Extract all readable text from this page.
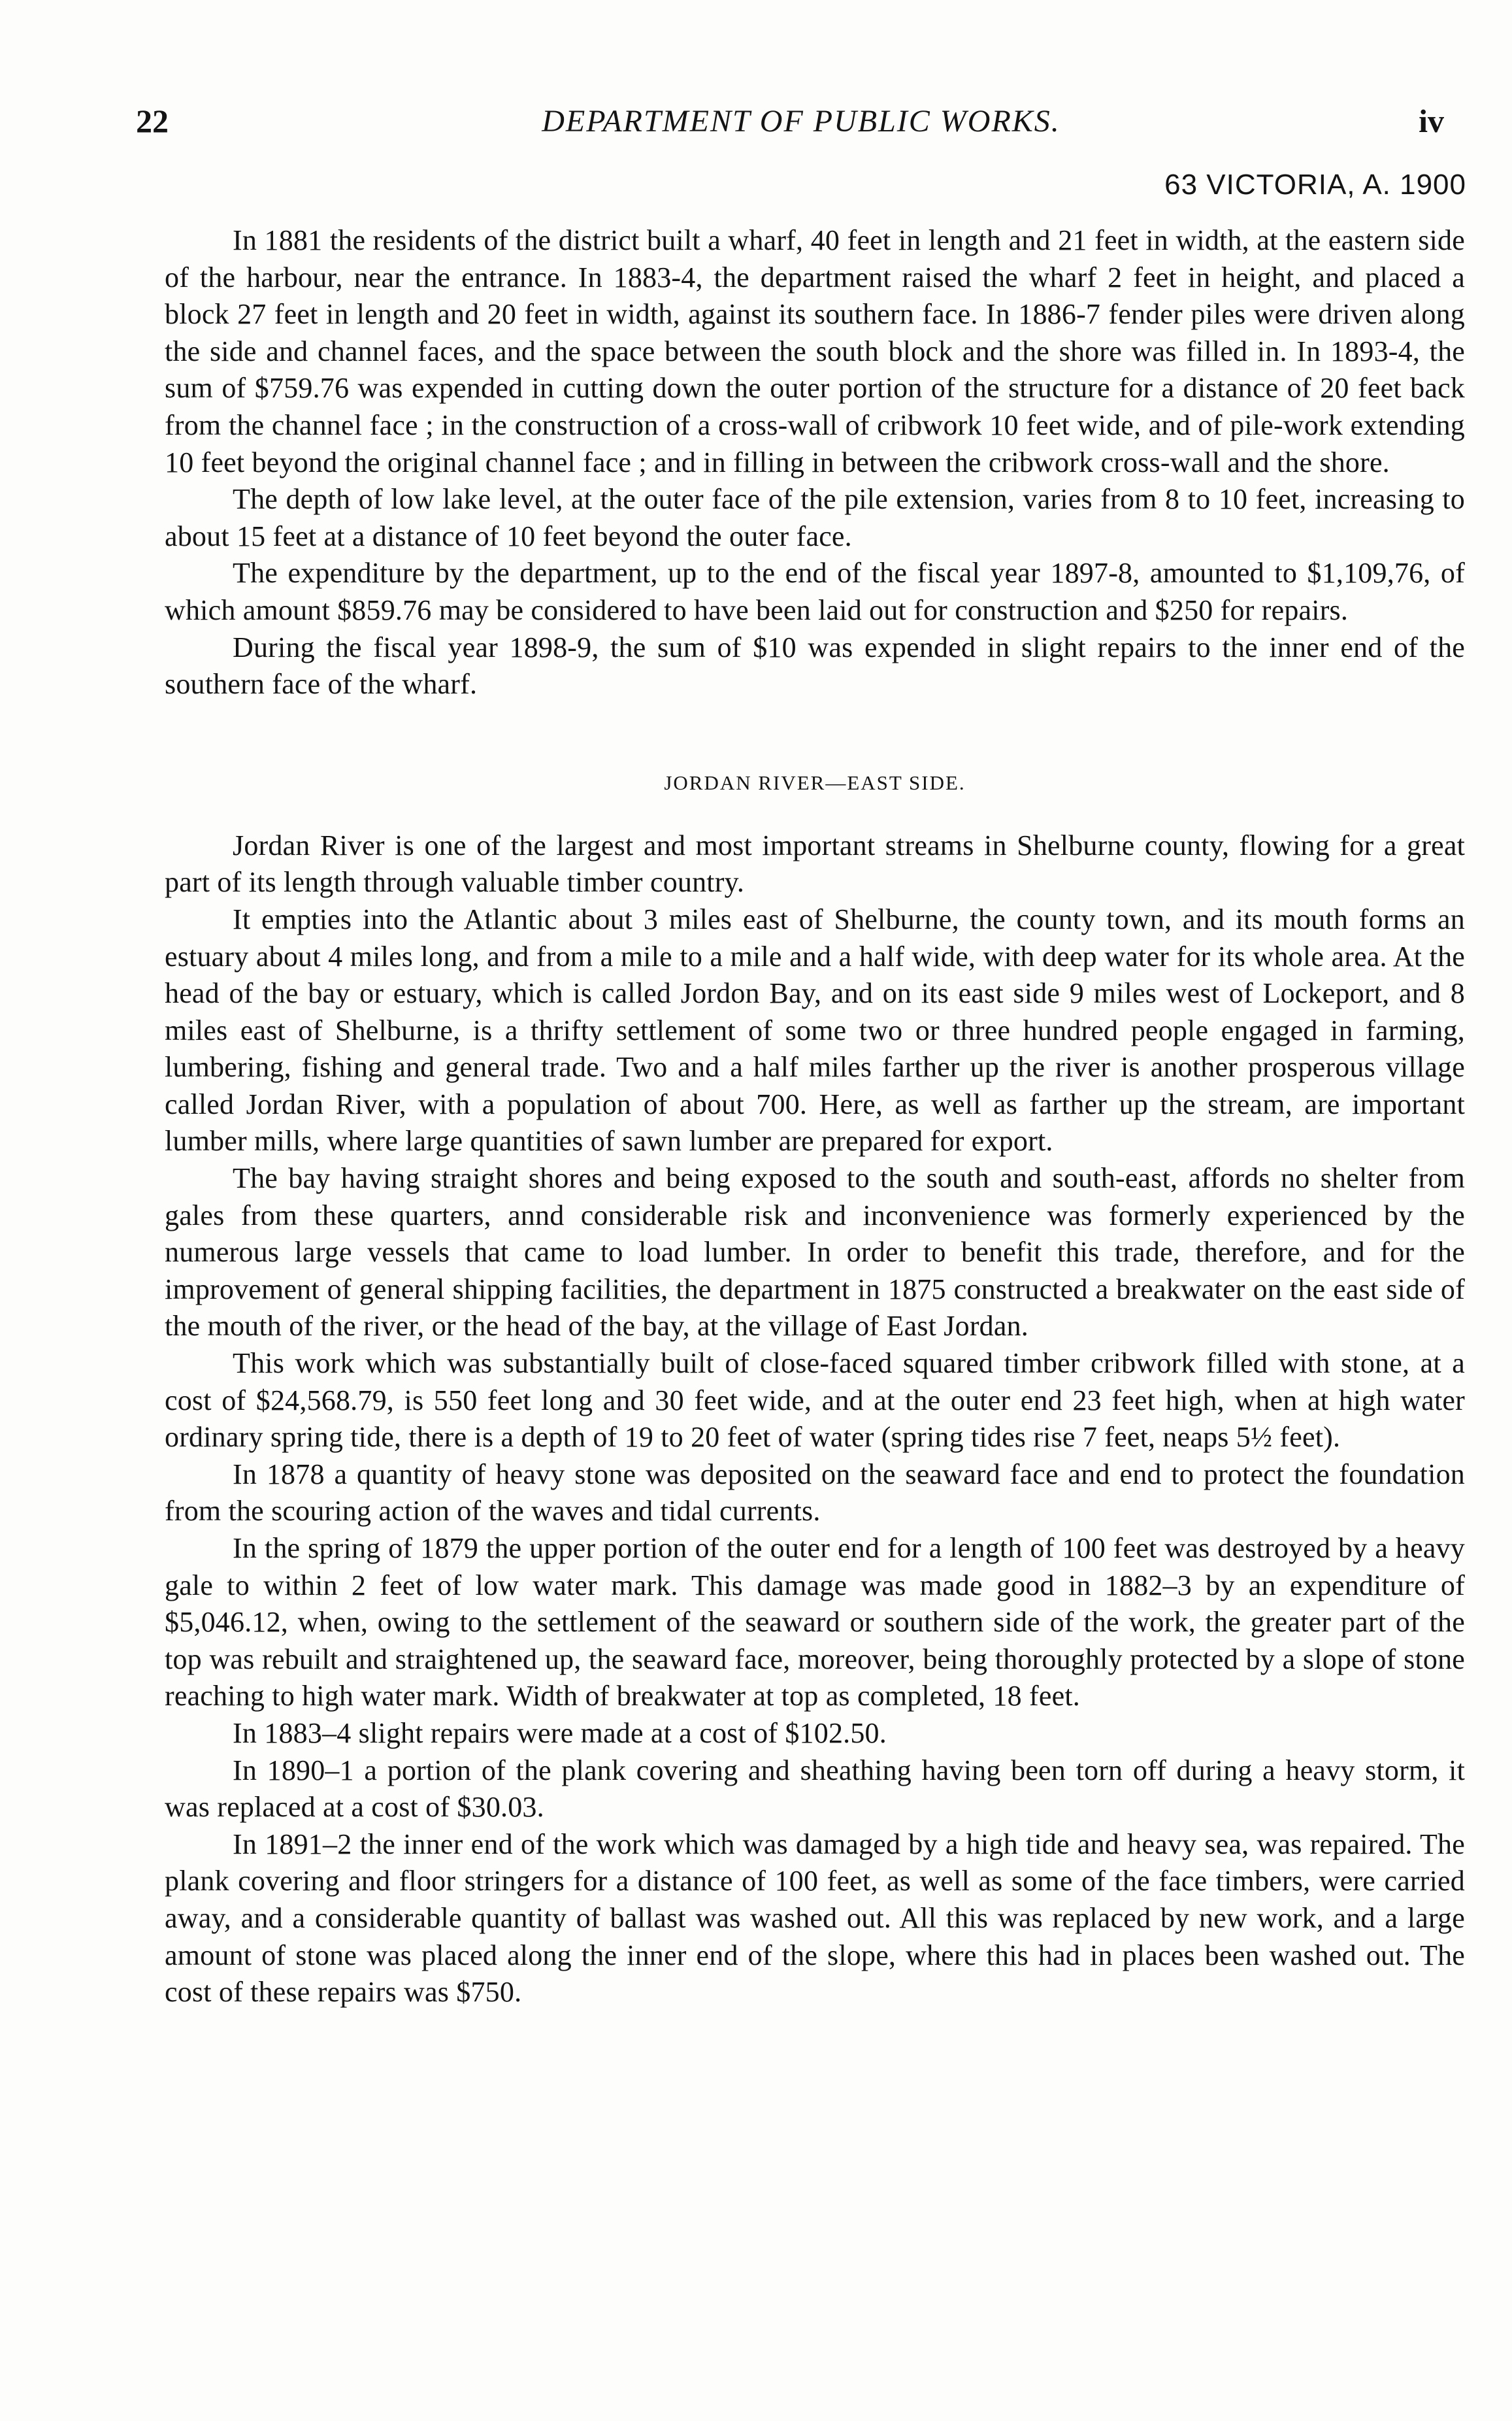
22	DEPARTMENT OF PUBLIC WORKS.	iv
63 VICTORIA, A. 1900

In 1881 the residents of the district built a wharf, 40 feet in length and 21 feet in width, at the eastern side of the harbour, near the entrance. In 1883-4, the department raised the wharf 2 feet in height, and placed a block 27 feet in length and 20 feet in width, against its southern face. In 1886-7 fender piles were driven along the side and channel faces, and the space between the south block and the shore was filled in. In 1893-4, the sum of $759.76 was expended in cutting down the outer portion of the structure for a distance of 20 feet back from the channel face ; in the construction of a cross-wall of cribwork 10 feet wide, and of pile-work extending 10 feet beyond the original channel face ; and in filling in between the cribwork cross-wall and the shore.

The depth of low lake level, at the outer face of the pile extension, varies from 8 to 10 feet, increasing to about 15 feet at a distance of 10 feet beyond the outer face.

The expenditure by the department, up to the end of the fiscal year 1897-8, amounted to $1,109,76, of which amount $859.76 may be considered to have been laid out for construction and $250 for repairs.

During the fiscal year 1898-9, the sum of $10 was expended in slight repairs to the inner end of the southern face of the wharf.

JORDAN RIVER—EAST SIDE.

Jordan River is one of the largest and most important streams in Shelburne county, flowing for a great part of its length through valuable timber country.

It empties into the Atlantic about 3 miles east of Shelburne, the county town, and its mouth forms an estuary about 4 miles long, and from a mile to a mile and a half wide, with deep water for its whole area. At the head of the bay or estuary, which is called Jordon Bay, and on its east side 9 miles west of Lockeport, and 8 miles east of Shelburne, is a thrifty settlement of some two or three hundred people engaged in farming, lumbering, fishing and general trade. Two and a half miles farther up the river is another prosperous village called Jordan River, with a population of about 700. Here, as well as farther up the stream, are important lumber mills, where large quantities of sawn lumber are prepared for export.

The bay having straight shores and being exposed to the south and south-east, affords no shelter from gales from these quarters, annd considerable risk and inconvenience was formerly experienced by the numerous large vessels that came to load lumber. In order to benefit this trade, therefore, and for the improvement of general shipping facilities, the department in 1875 constructed a breakwater on the east side of the mouth of the river, or the head of the bay, at the village of East Jordan.

This work which was substantially built of close-faced squared timber cribwork filled with stone, at a cost of $24,568.79, is 550 feet long and 30 feet wide, and at the outer end 23 feet high, when at high water ordinary spring tide, there is a depth of 19 to 20 feet of water (spring tides rise 7 feet, neaps 5½ feet).

In 1878 a quantity of heavy stone was deposited on the seaward face and end to protect the foundation from the scouring action of the waves and tidal currents.

In the spring of 1879 the upper portion of the outer end for a length of 100 feet was destroyed by a heavy gale to within 2 feet of low water mark. This damage was made good in 1882–3 by an expenditure of $5,046.12, when, owing to the settlement of the seaward or southern side of the work, the greater part of the top was rebuilt and straightened up, the seaward face, moreover, being thoroughly protected by a slope of stone reaching to high water mark. Width of breakwater at top as completed, 18 feet.

In 1883–4 slight repairs were made at a cost of $102.50.

In 1890–1 a portion of the plank covering and sheathing having been torn off during a heavy storm, it was replaced at a cost of $30.03.

In 1891–2 the inner end of the work which was damaged by a high tide and heavy sea, was repaired. The plank covering and floor stringers for a distance of 100 feet, as well as some of the face timbers, were carried away, and a considerable quantity of ballast was washed out. All this was replaced by new work, and a large amount of stone was placed along the inner end of the slope, where this had in places been washed out. The cost of these repairs was $750.
